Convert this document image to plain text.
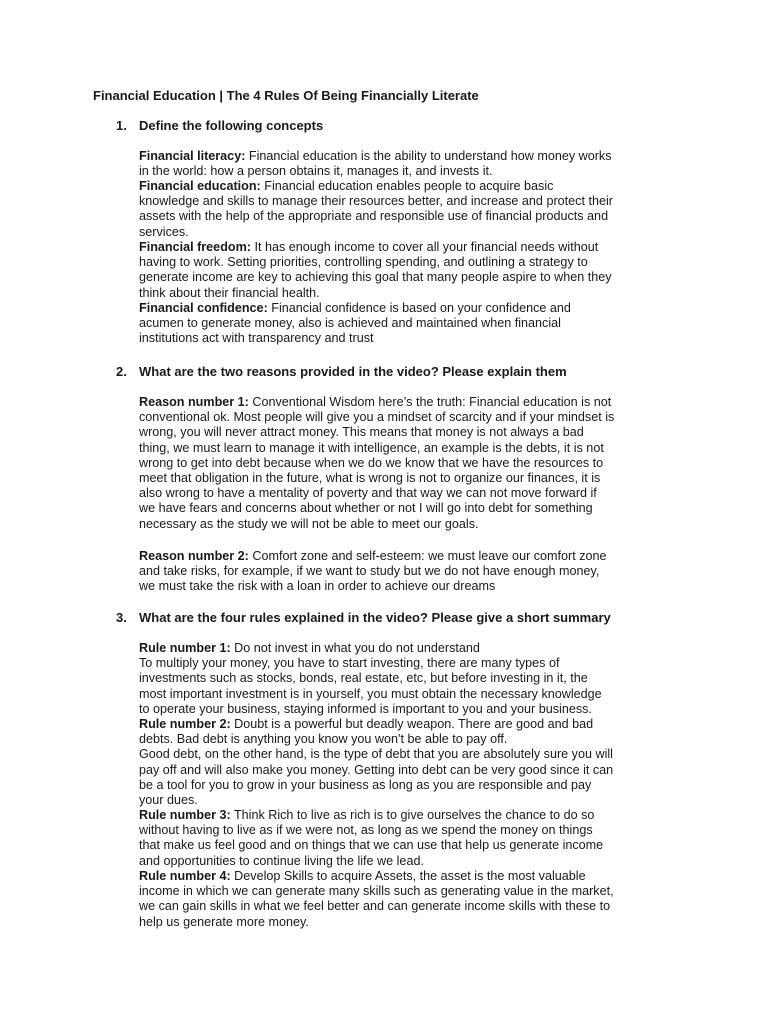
Financial Education | The 4 Rules Of Being Financially Literate
1. Define the following concepts
Financial literacy: Financial education is the ability to understand how money works
in the world: how a person obtains it, manages it, and invests it.
Financial education: Financial education enables people to acquire basic
knowledge and skills to manage their resources better, and increase and protect their
assets with the help of the appropriate and responsible use of financial products and
services.
Financial freedom: It has enough income to cover all your financial needs without
having to work. Setting priorities, controlling spending, and outlining a strategy to
generate income are key to achieving this goal that many people aspire to when they
think about their financial health.
Financial confidence: Financial confidence is based on your confidence and
acumen to generate money, also is achieved and maintained when financial
institutions act with transparency and trust
2. What are the two reasons provided in the video? Please explain them
Reason number 1: Conventional Wisdom here’s the truth: Financial education is not
conventional ok. Most people will give you a mindset of scarcity and if your mindset is
wrong, you will never attract money. This means that money is not always a bad
thing, we must learn to manage it with intelligence, an example is the debts, it is not
wrong to get into debt because when we do we know that we have the resources to
meet that obligation in the future, what is wrong is not to organize our finances, it is
also wrong to have a mentality of poverty and that way we can not move forward if
we have fears and concerns about whether or not I will go into debt for something
necessary as the study we will not be able to meet our goals.
Reason number 2: Comfort zone and self-esteem: we must leave our comfort zone
and take risks, for example, if we want to study but we do not have enough money,
we must take the risk with a loan in order to achieve our dreams
3. What are the four rules explained in the video? Please give a short summary
Rule number 1: Do not invest in what you do not understand
To multiply your money, you have to start investing, there are many types of
investments such as stocks, bonds, real estate, etc, but before investing in it, the
most important investment is in yourself, you must obtain the necessary knowledge
to operate your business, staying informed is important to you and your business.
Rule number 2: Doubt is a powerful but deadly weapon. There are good and bad
debts. Bad debt is anything you know you won't be able to pay off.
Good debt, on the other hand, is the type of debt that you are absolutely sure you will
pay off and will also make you money. Getting into debt can be very good since it can
be a tool for you to grow in your business as long as you are responsible and pay
your dues.
Rule number 3: Think Rich to live as rich is to give ourselves the chance to do so
without having to live as if we were not, as long as we spend the money on things
that make us feel good and on things that we can use that help us generate income
and opportunities to continue living the life we lead.
Rule number 4: Develop Skills to acquire Assets, the asset is the most valuable
income in which we can generate many skills such as generating value in the market,
we can gain skills in what we feel better and can generate income skills with these to
help us generate more money.
